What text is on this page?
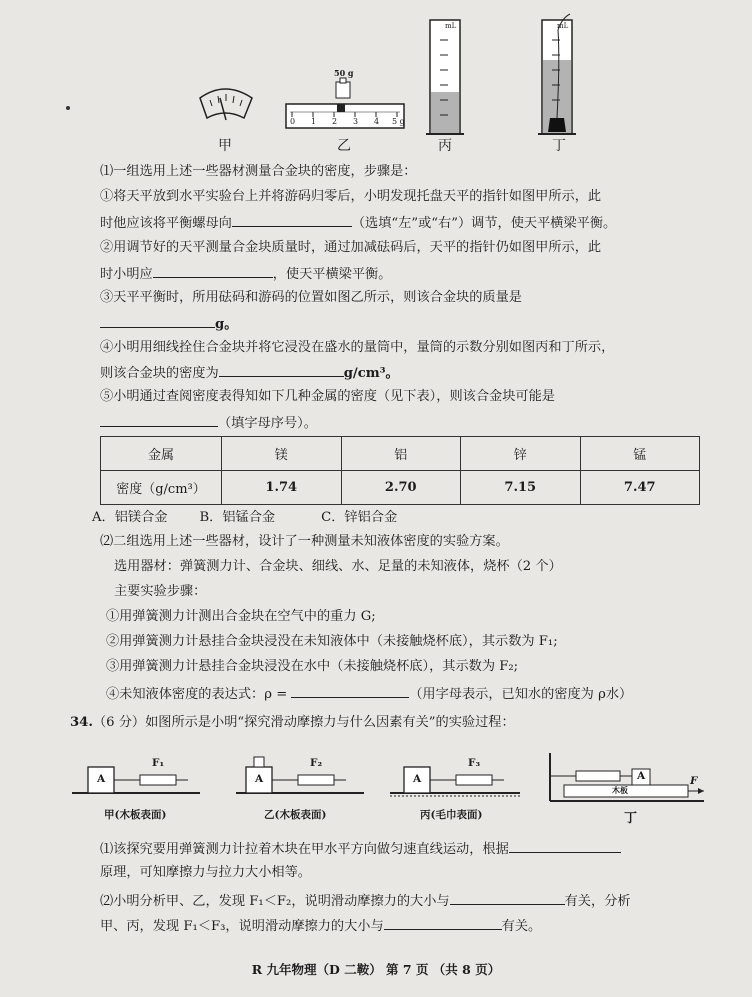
50 g
0 1 2 3 4 5 g
mL	mL
甲	乙	丙	丁
⑴一组选用上述一些器材测量合金块的密度，步骤是：
①将天平放到水平实验台上并将游码归零后，小明发现托盘天平的指针如图甲所示，此
时他应该将平衡螺母向	（选填“左”或“右”）调节，使天平横梁平衡。
②用调节好的天平测量合金块质量时，通过加减砝码后，天平的指针仍如图甲所示，此
时小明应	，使天平横梁平衡。
③天平平衡时，所用砝码和游码的位置如图乙所示，则该合金块的质量是
g。
④小明用细线拴住合金块并将它浸没在盛水的量筒中，量筒的示数分别如图丙和丁所示，
则该合金块的密度为	g/cm³。
⑤小明通过查阅密度表得知如下几种金属的密度（见下表），则该合金块可能是
（填字母序号）。
金属	镁	铝	锌	锰
密度（g/cm³）	1.74	2.70	7.15	7.47
A．铝镁合金 B．铝锰合金	C．锌铝合金
⑵二组选用上述一些器材，设计了一种测量未知液体密度的实验方案。
选用器材：弹簧测力计、合金块、细线、水、足量的未知液体，烧杯（2 个）
主要实验步骤：
①用弹簧测力计测出合金块在空气中的重力 G;
②用弹簧测力计悬挂合金块浸没在未知液体中（未接触烧杯底），其示数为 F₁;
③用弹簧测力计悬挂合金块浸没在水中（未接触烧杯底），其示数为 F₂;
④未知液体密度的表达式：ρ =	（用字母表示，已知水的密度为 ρ水）
34.（6 分）如图所示是小明“探究滑动摩擦力与什么因素有关”的实验过程：
A	A	A	A
F₁	F₂	F₃
F
木板
甲(木板表面)	乙(木板表面)	丙(毛巾表面)	丁
⑴该探究要用弹簧测力计拉着木块在甲水平方向做匀速直线运动，根据
原理，可知摩擦力与拉力大小相等。
⑵小明分析甲、乙，发现 F₁＜F₂，说明滑动摩擦力的大小与	有关，分析
甲、丙，发现 F₁＜F₃，说明滑动摩擦力的大小与	有关。
R 九年物理（D 二鞍） 第 7 页 （共 8 页）
